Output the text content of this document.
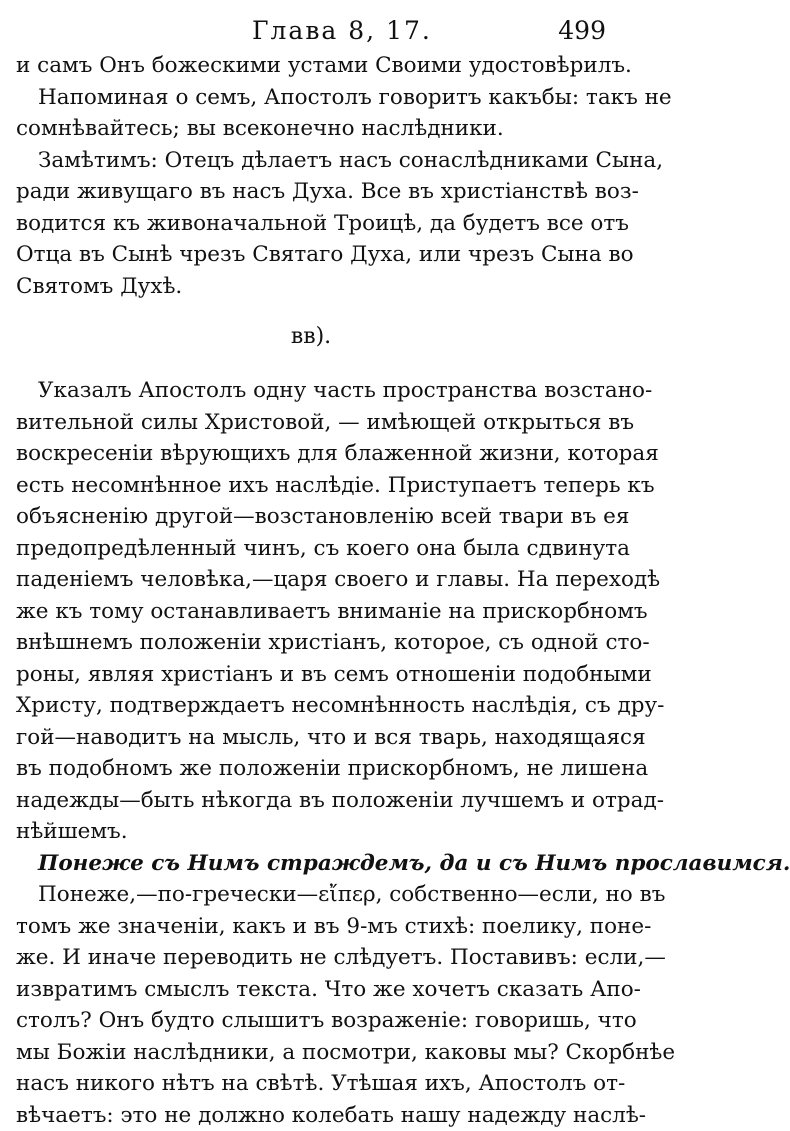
Глава 8, 17.	499
и самъ Онъ божескими устами Своими удостовѣрилъ.
Напоминая о семъ, Апостолъ говоритъ какъбы: такъ не
сомнѣвайтесь; вы всеконечно наслѣдники.
Замѣтимъ: Отецъ дѣлаетъ насъ сонаслѣдниками Сына,
ради живущаго въ насъ Духа. Все въ христіанствѣ воз-
водится къ живоначальной Троицѣ, да будетъ все отъ
Отца въ Сынѣ чрезъ Святаго Духа, или чрезъ Сына во
Святомъ Духѣ.
вв).
Указалъ Апостолъ одну часть пространства возстано-
вительной силы Христовой, — имѣющей открыться въ
воскресеніи вѣрующихъ для блаженной жизни, которая
есть несомнѣнное ихъ наслѣдіе. Приступаетъ теперь къ
объясненію другой—возстановленію всей твари въ ея
предопредѣленный чинъ, съ коего она была сдвинута
паденіемъ человѣка,—царя своего и главы. На переходѣ
же къ тому останавливаетъ вниманіе на прискорбномъ
внѣшнемъ положеніи христіанъ, которое, съ одной сто-
роны, являя христіанъ и въ семъ отношеніи подобными
Христу, подтверждаетъ несомнѣнность наслѣдія, съ дру-
гой—наводитъ на мысль, что и вся тварь, находящаяся
въ подобномъ же положеніи прискорбномъ, не лишена
надежды—быть нѣкогда въ положеніи лучшемъ и отрад-
нѣйшемъ.
Понеже съ Нимъ страждемъ, да и съ Нимъ прославимся.
Понеже,—по-гречески—εἴπερ, собственно—если, но въ
томъ же значеніи, какъ и въ 9-мъ стихѣ: поелику, поне-
же. И иначе переводить не слѣдуетъ. Поставивъ: если,—
извратимъ смыслъ текста. Что же хочетъ сказать Апо-
столъ? Онъ будто слышитъ возраженіе: говоришь, что
мы Божіи наслѣдники, а посмотри, каковы мы? Скорбнѣе
насъ никого нѣтъ на свѣтѣ. Утѣшая ихъ, Апостолъ от-
вѣчаетъ: это не должно колебать нашу надежду наслѣ-
